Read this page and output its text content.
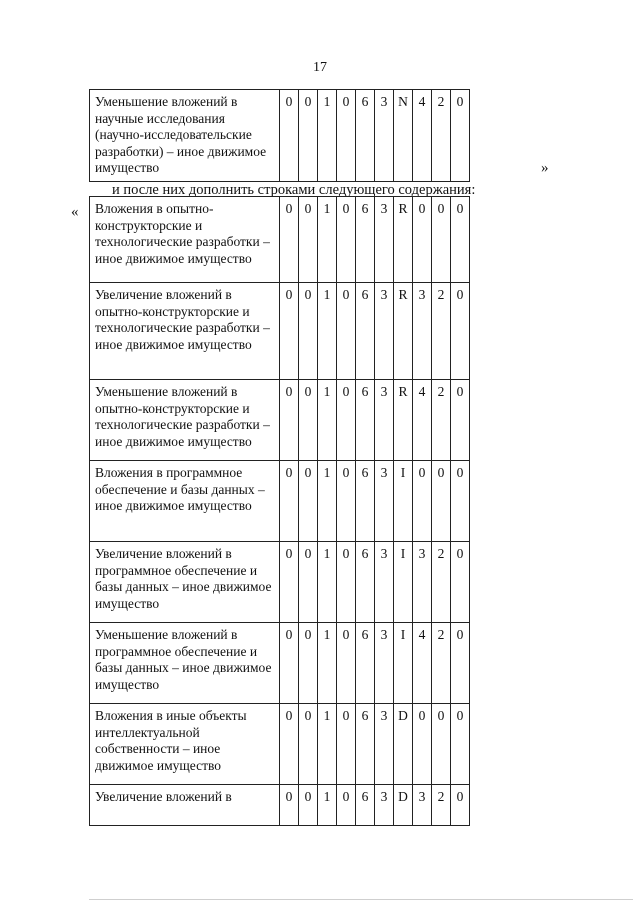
17
Уменьшение вложений в научные исследования (научно-исследовательские разработки) – иное движимое имущество	0	0	1	0	6	3	N	4	2	0
»
и после них дополнить строками следующего содержания:
« Вложения в опытно-конструкторские и технологические разработки – иное движимое имущество	0	0	1	0	6	3	R	0	0	0
Увеличение вложений в опытно-конструкторские и технологические разработки – иное движимое имущество	0	0	1	0	6	3	R	3	2	0
Уменьшение вложений в опытно-конструкторские и технологические разработки – иное движимое имущество	0	0	1	0	6	3	R	4	2	0
Вложения в программное обеспечение и базы данных – иное движимое имущество	0	0	1	0	6	3	I	0	0	0
Увеличение вложений в программное обеспечение и базы данных – иное движимое имущество	0	0	1	0	6	3	I	3	2	0
Уменьшение вложений в программное обеспечение и базы данных – иное движимое имущество	0	0	1	0	6	3	I	4	2	0
Вложения в иные объекты интеллектуальной собственности – иное движимое имущество	0	0	1	0	6	3	D	0	0	0
Увеличение вложений в	0	0	1	0	6	3	D	3	2	0
